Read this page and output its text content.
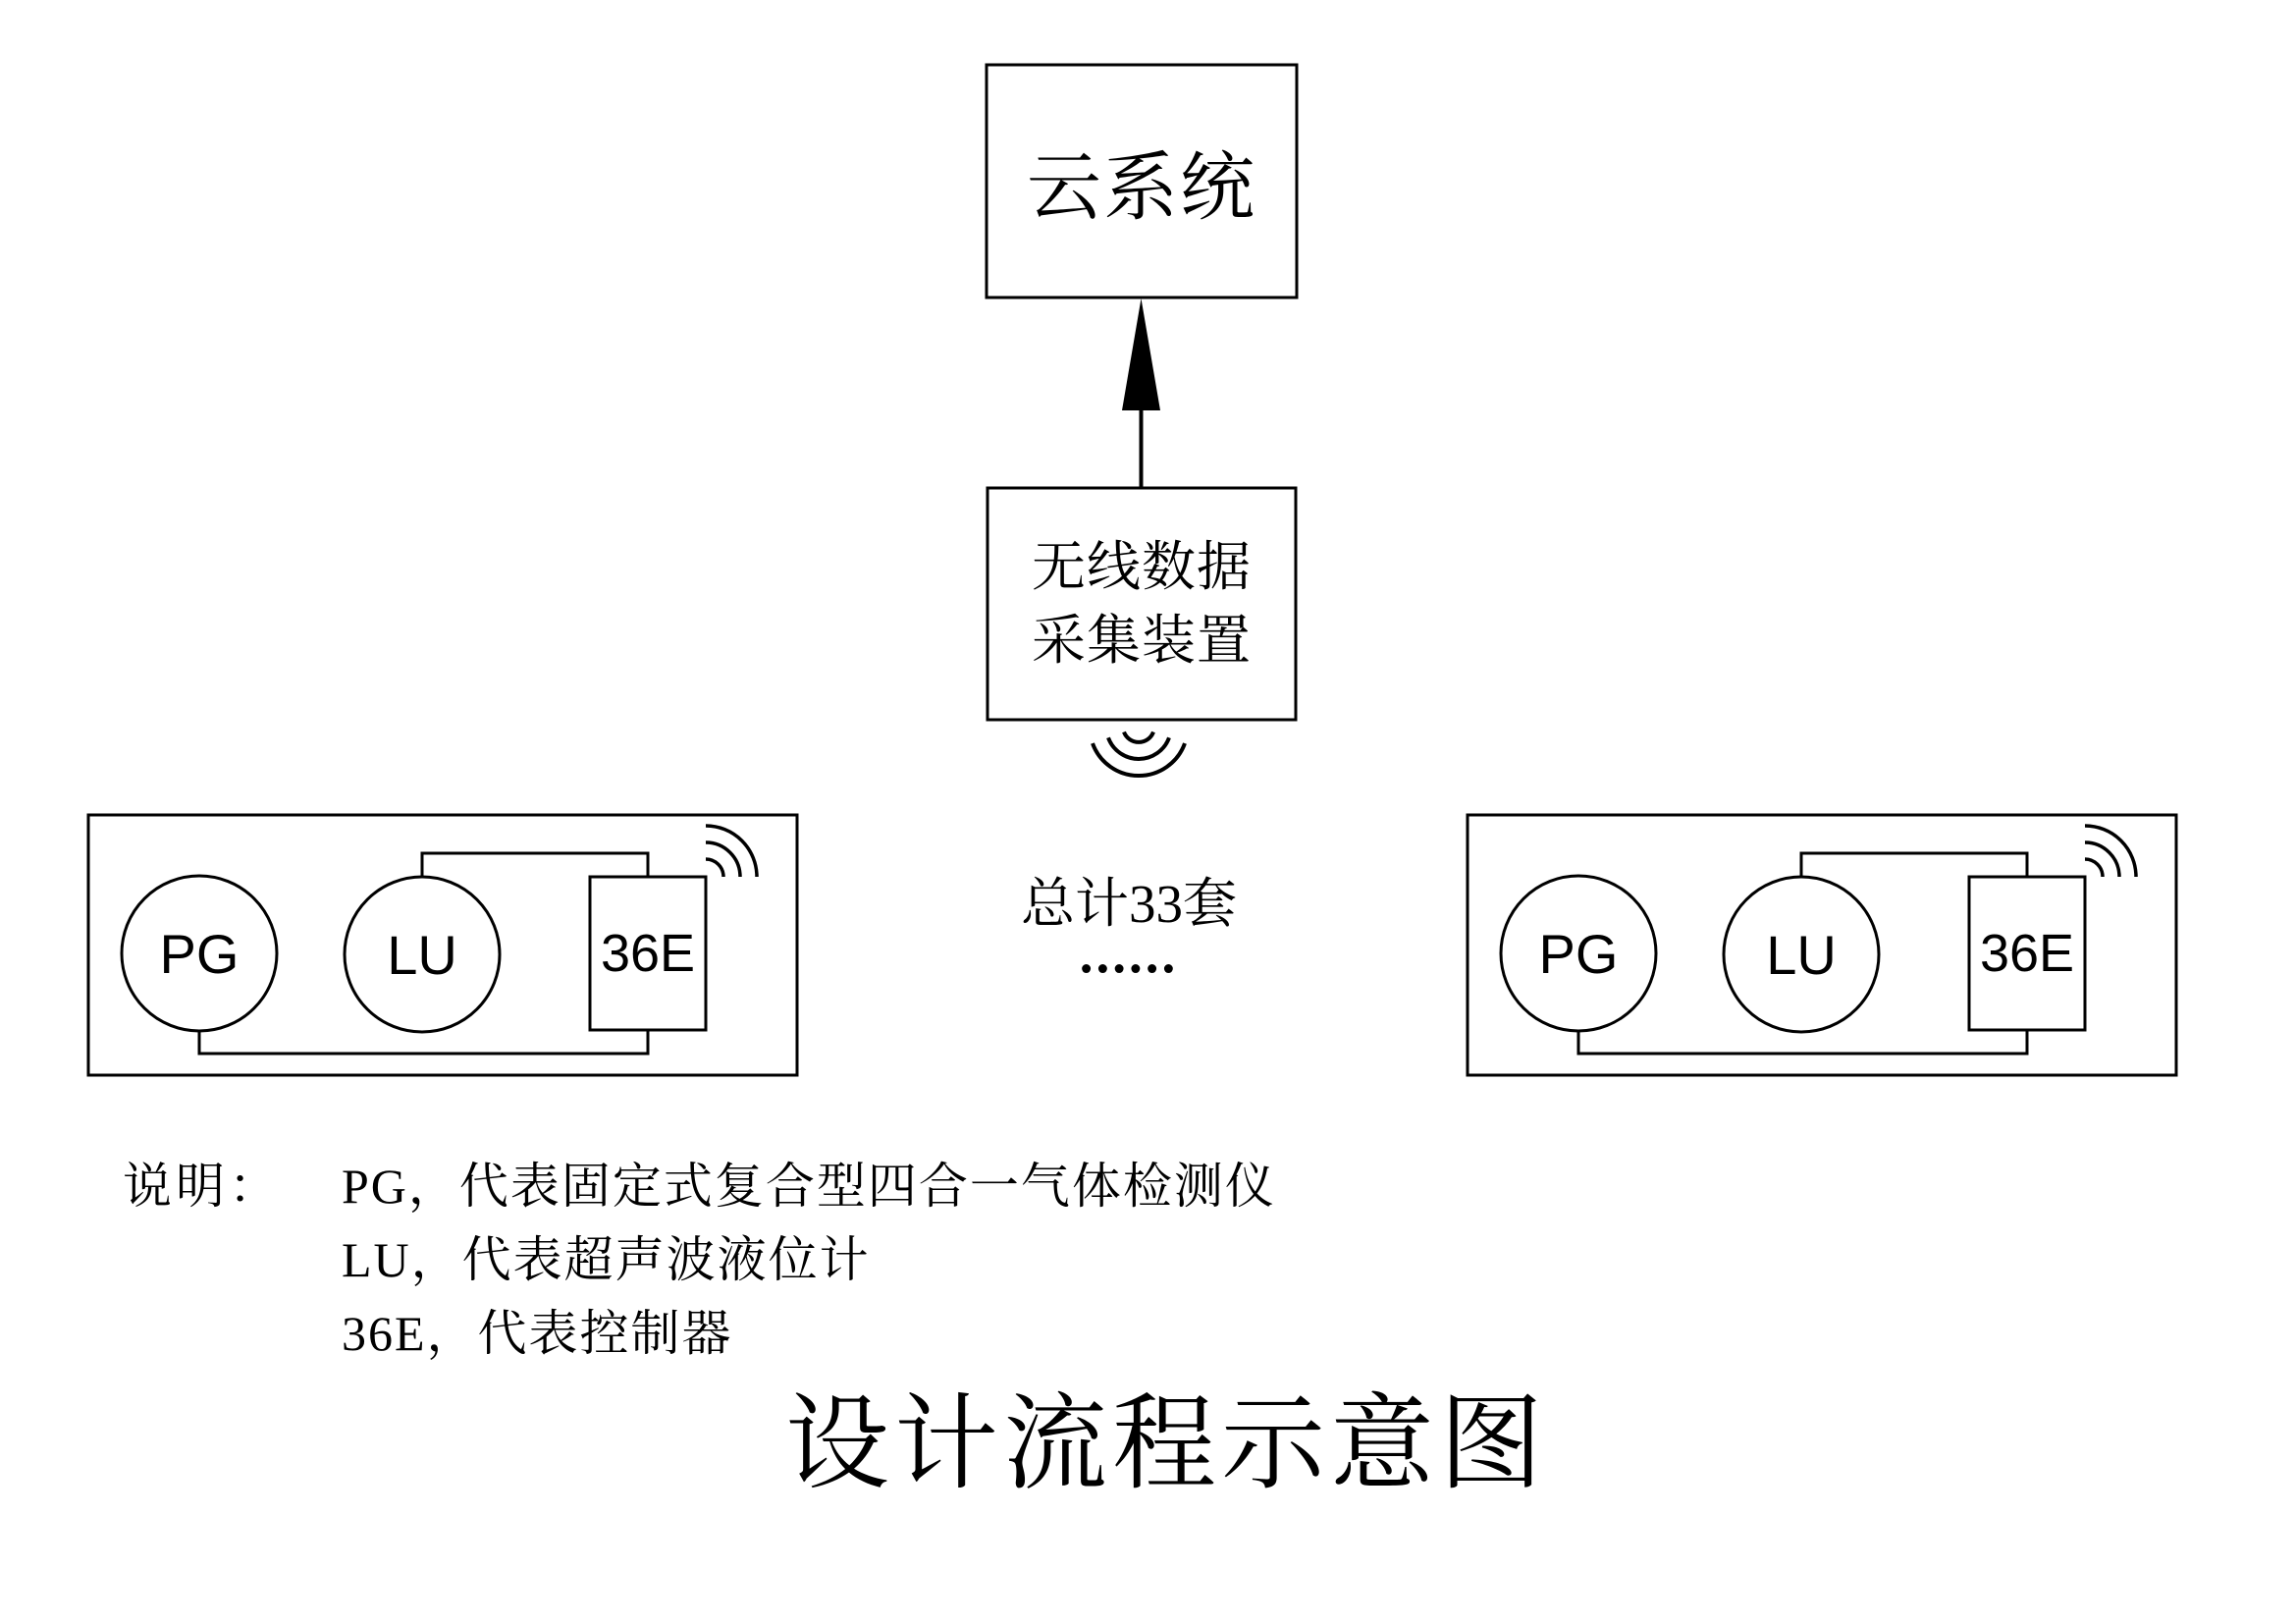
云系统
无线数据
采集装置
总计33套
......
PG	LU	36E	PG	LU	36E
说明： PG，代表固定式复合型四合一气体检测仪
LU，代表超声波液位计
36E，代表控制器
设计流程示意图
